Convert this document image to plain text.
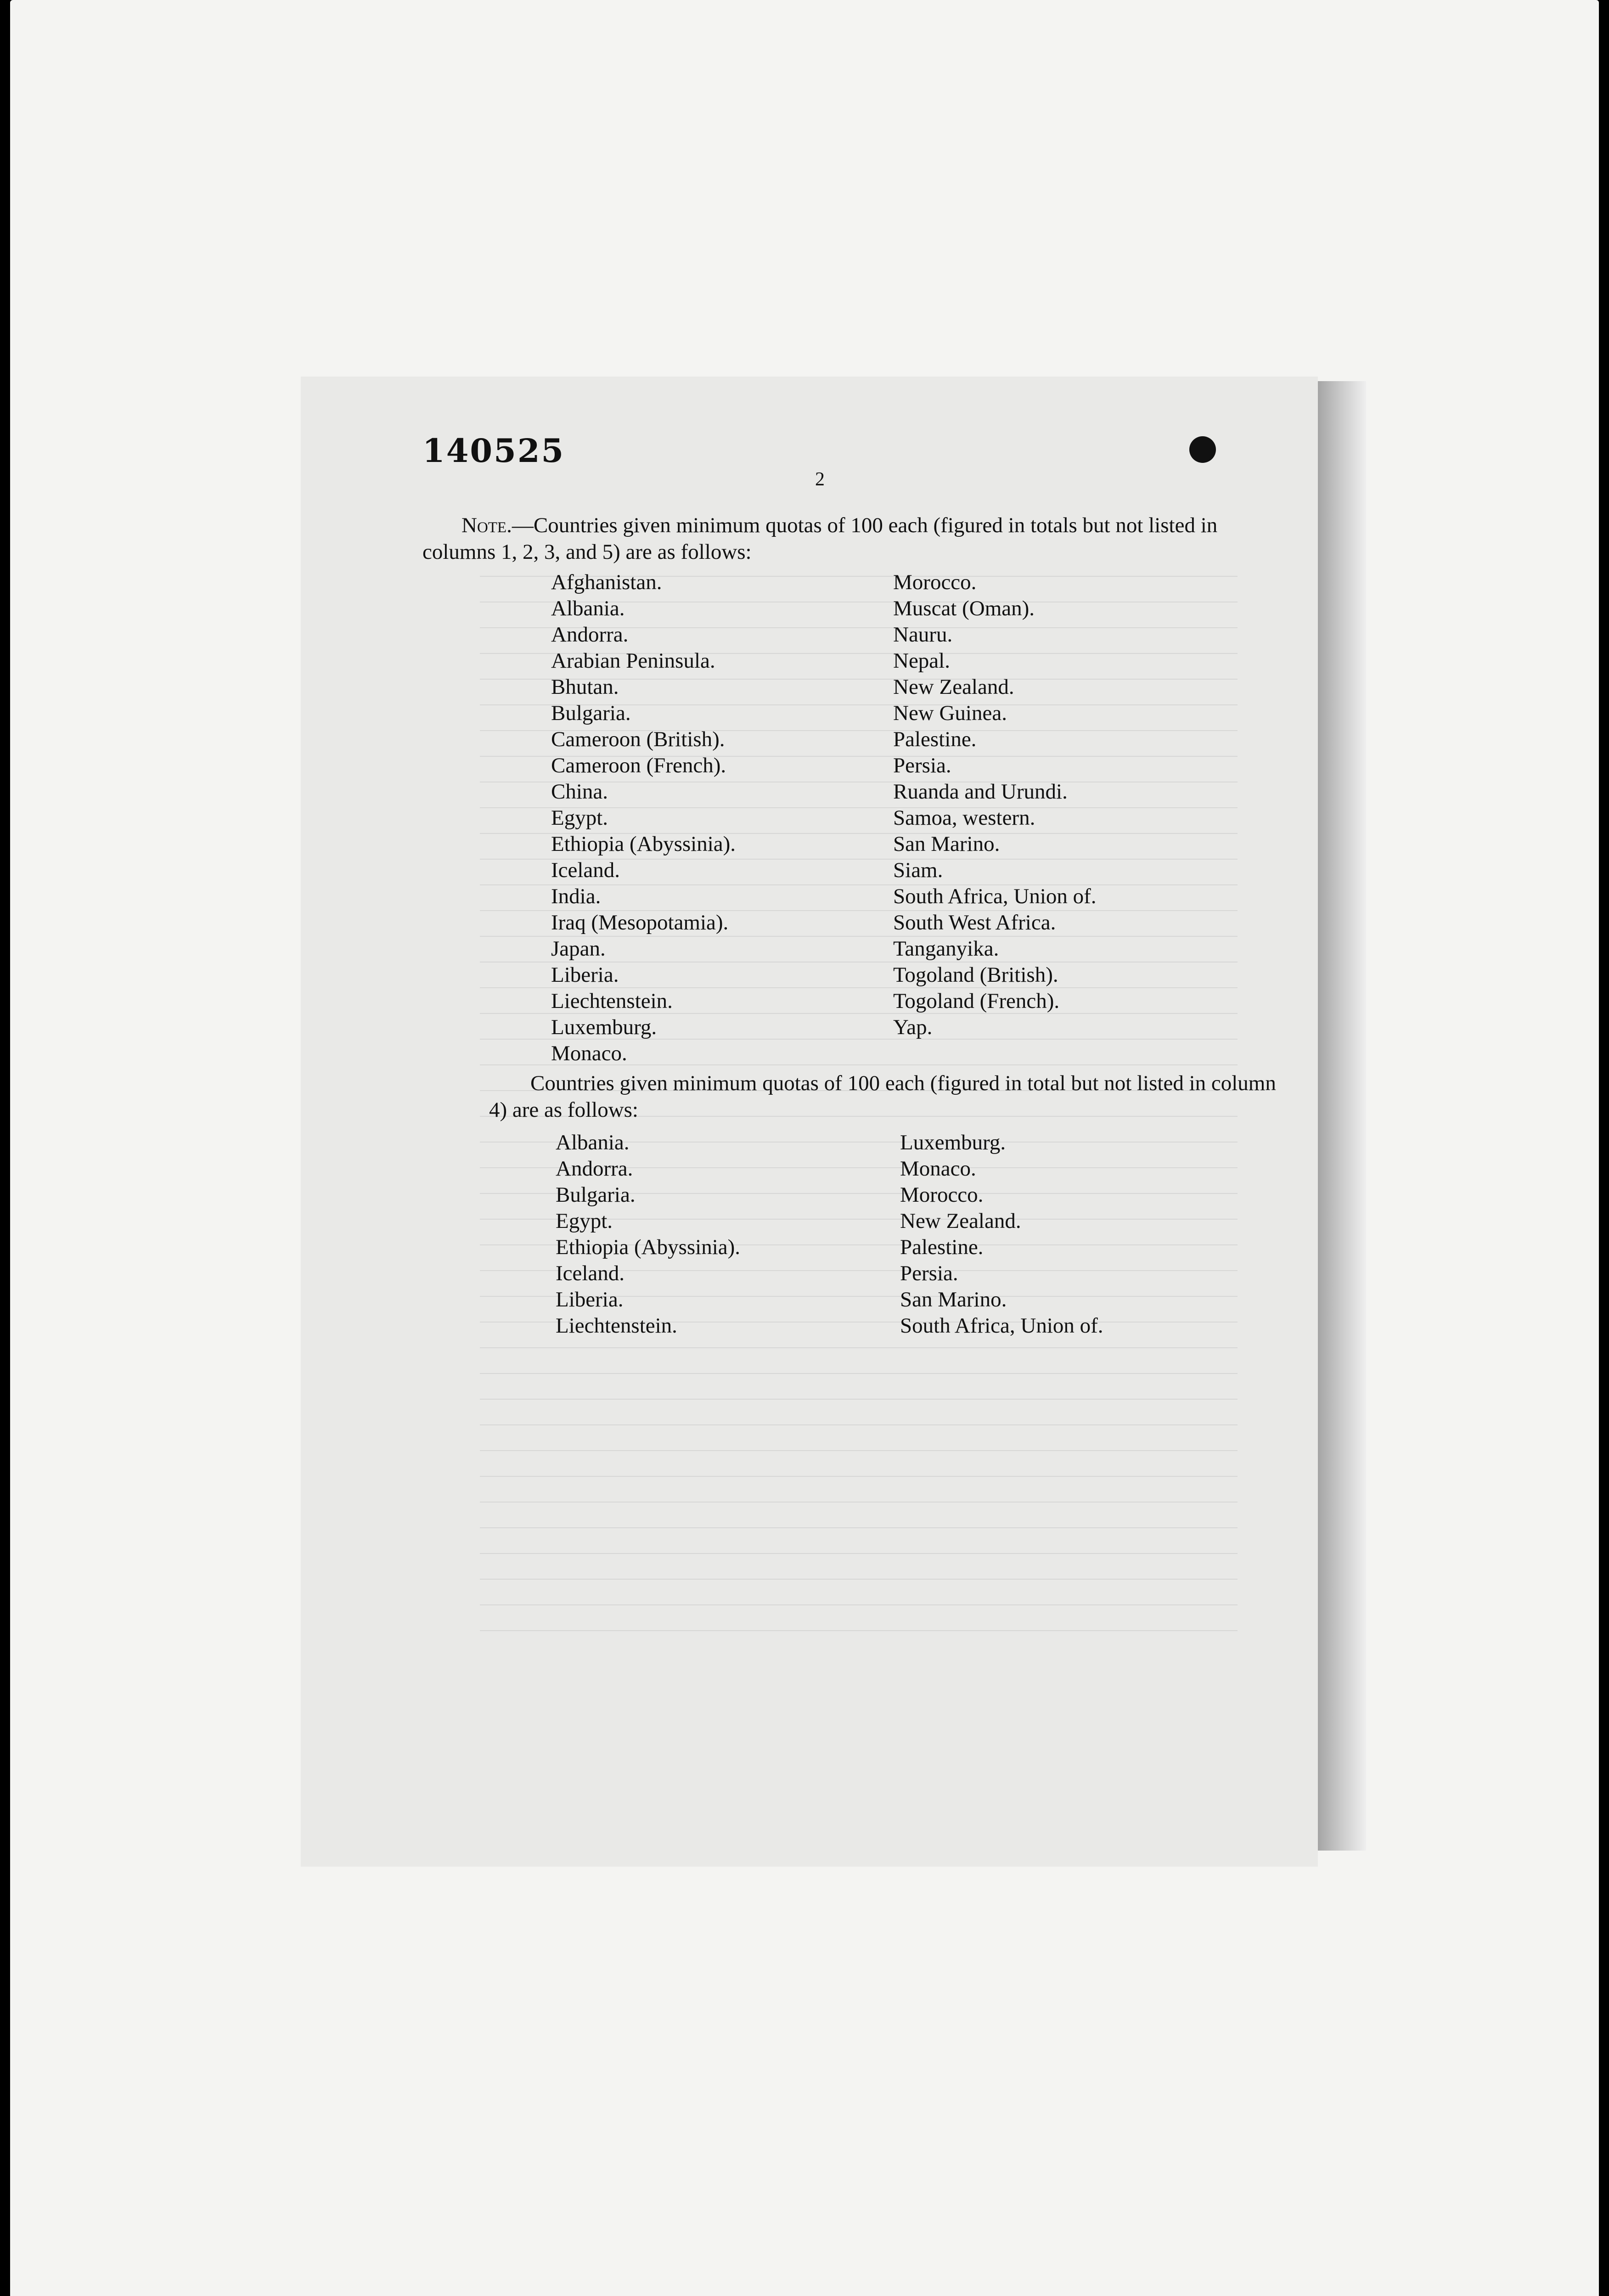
140525
2
Note.—Countries given minimum quotas of 100 each (figured in totals but not listed in columns 1, 2, 3, and 5) are as follows:
Afghanistan.
Albania.
Andorra.
Arabian Peninsula.
Bhutan.
Bulgaria.
Cameroon (British).
Cameroon (French).
China.
Egypt.
Ethiopia (Abyssinia).
Iceland.
India.
Iraq (Mesopotamia).
Japan.
Liberia.
Liechtenstein.
Luxemburg.
Monaco.
Morocco.
Muscat (Oman).
Nauru.
Nepal.
New Zealand.
New Guinea.
Palestine.
Persia.
Ruanda and Urundi.
Samoa, western.
San Marino.
Siam.
South Africa, Union of.
South West Africa.
Tanganyika.
Togoland (British).
Togoland (French).
Yap.
Countries given minimum quotas of 100 each (figured in total but not listed in column 4) are as follows:
Albania.
Andorra.
Bulgaria.
Egypt.
Ethiopia (Abyssinia).
Iceland.
Liberia.
Liechtenstein.
Luxemburg.
Monaco.
Morocco.
New Zealand.
Palestine.
Persia.
San Marino.
South Africa, Union of.
